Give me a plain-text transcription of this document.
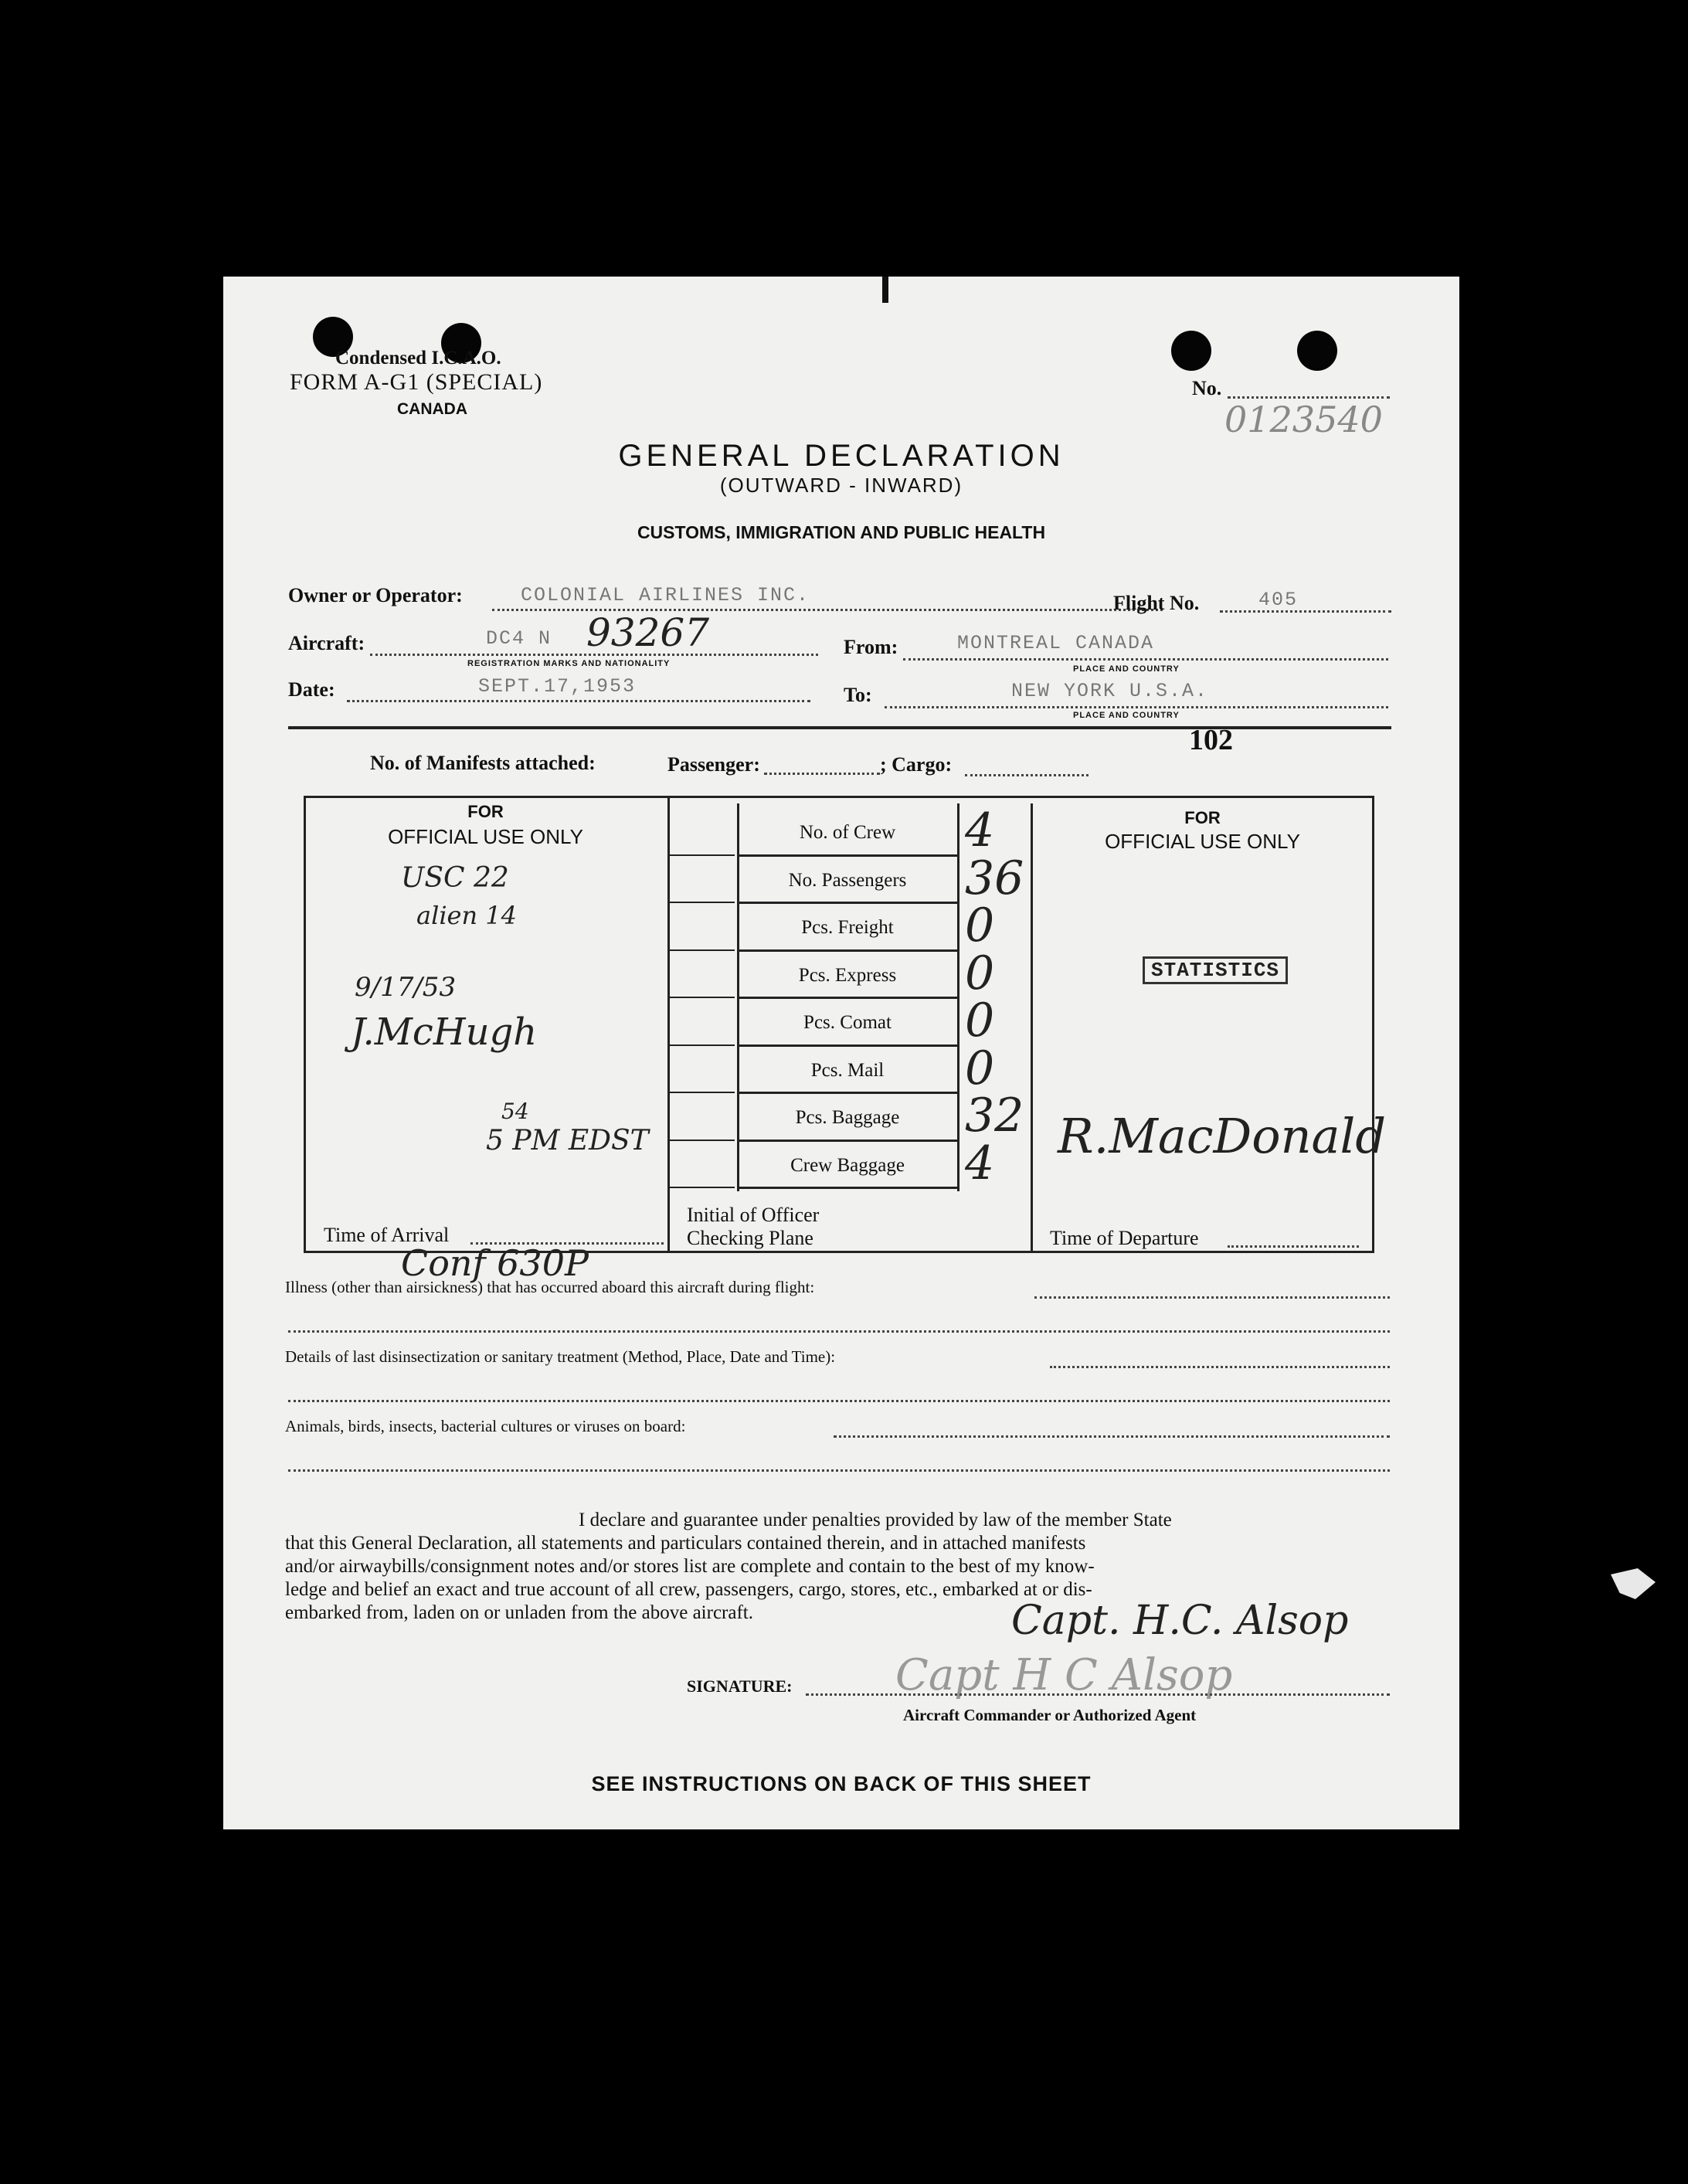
Condensed I.C.A.O.
FORM A-G1 (SPECIAL)
CANADA
No.
0123540
GENERAL DECLARATION
(OUTWARD - INWARD)
CUSTOMS, IMMIGRATION AND PUBLIC HEALTH
Owner or Operator:	COLONIAL AIRLINES INC.	Flight No.	405
Aircraft:	DC4 N 93267
REGISTRATION MARKS AND NATIONALITY
From:	MONTREAL CANADA
PLACE AND COUNTRY
Date:	SEPT.17,1953	To:	NEW YORK U.S.A.
PLACE AND COUNTRY
102
No. of Manifests attached:	Passenger:	; Cargo:
FOR
OFFICIAL USE ONLY
USC 22
alien 14
9/17/53
J.McHugh
5 PM EDST
54
Time of Arrival
No. of Crew	4
No. Passengers	36
Pcs. Freight	0
Pcs. Express	0
Pcs. Comat	0
Pcs. Mail	0
Pcs. Baggage	32
Crew Baggage	4
Initial of Officer
Checking Plane
FOR
OFFICIAL USE ONLY
STATISTICS
R.MacDonald
Time of Departure
Conf 630P
Illness (other than airsickness) that has occurred aboard this aircraft during flight:
Details of last disinsectization or sanitary treatment (Method, Place, Date and Time):
Animals, birds, insects, bacterial cultures or viruses on board:
I declare and guarantee under penalties provided by law of the member State
that this General Declaration, all statements and particulars contained therein, and in attached manifests
and/or airwaybills/consignment notes and/or stores list are complete and contain to the best of my know-
ledge and belief an exact and true account of all crew, passengers, cargo, stores, etc., embarked at or dis-
embarked from, laden on or unladen from the above aircraft.	Capt. H.C. Alsop
Capt H C Alsop
SIGNATURE:
Aircraft Commander or Authorized Agent
SEE INSTRUCTIONS ON BACK OF THIS SHEET
